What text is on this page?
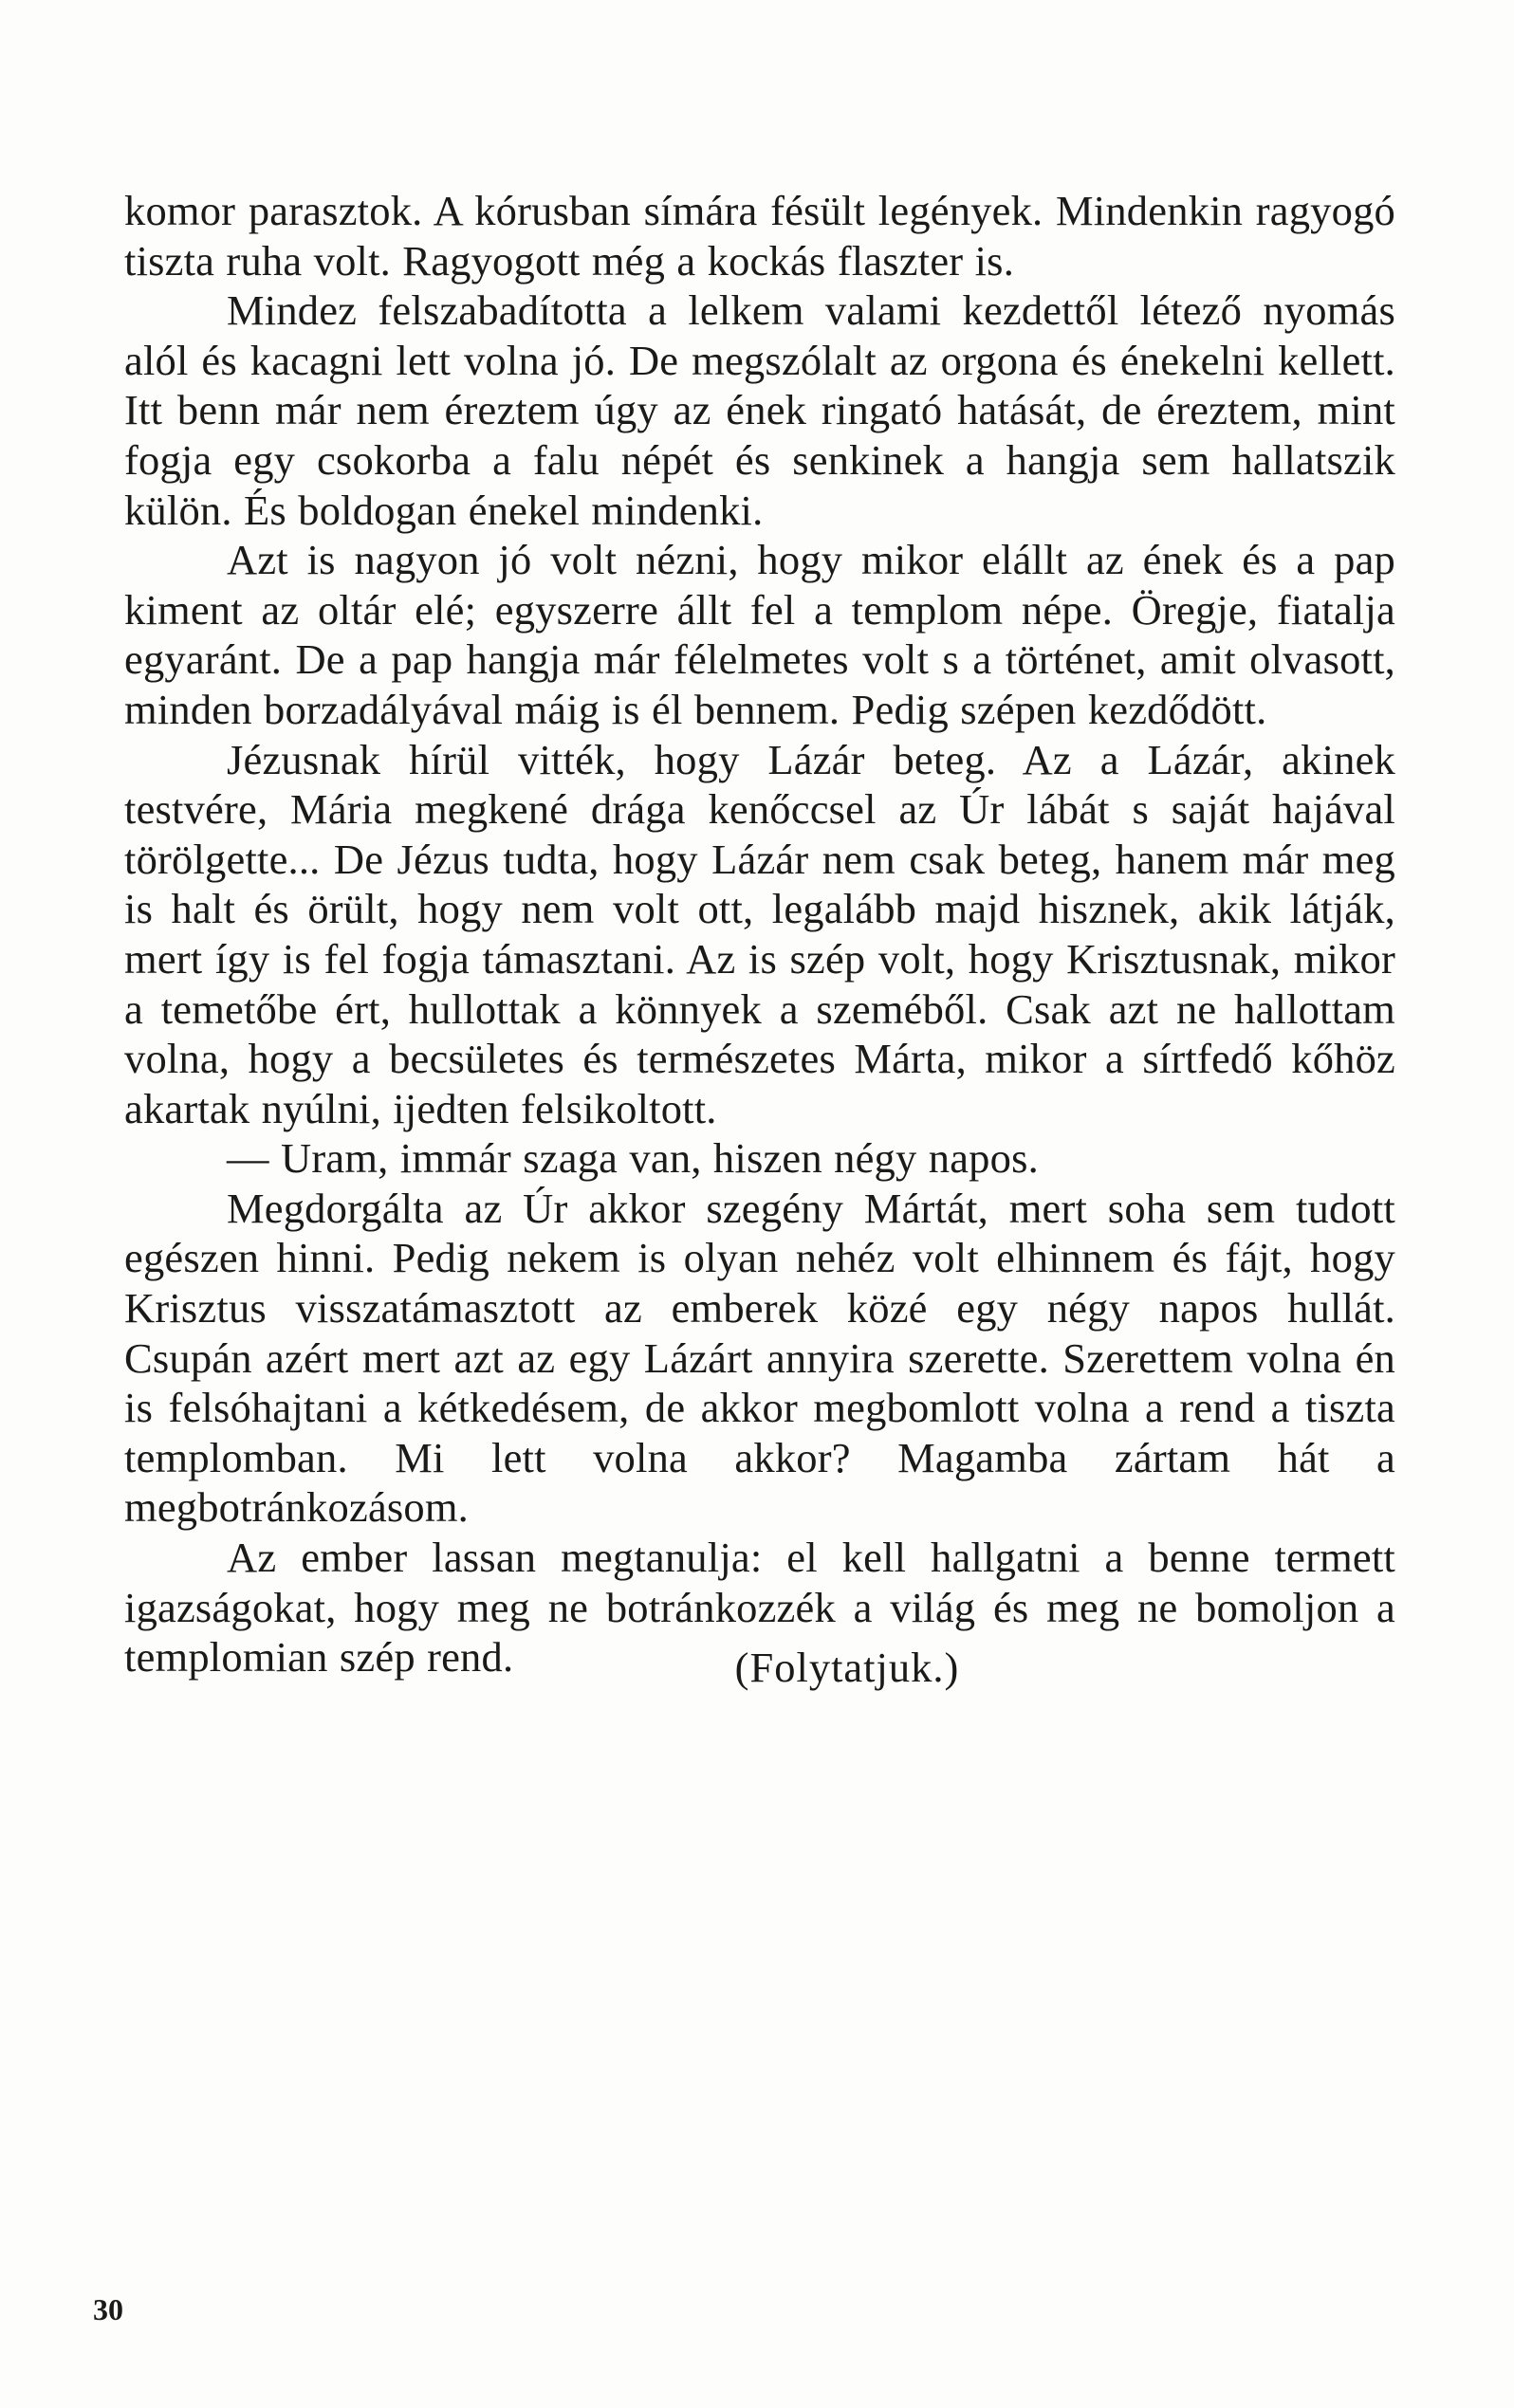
komor parasztok. A kórusban símára fésült legények. Mindenkin ragyogó tiszta ruha volt. Ragyogott még a kockás flaszter is.

Mindez felszabadította a lelkem valami kezdettől létező nyomás alól és kacagni lett volna jó. De megszólalt az orgona és énekelni kellett. Itt benn már nem éreztem úgy az ének ringató hatását, de éreztem, mint fogja egy csokorba a falu népét és senkinek a hangja sem hallatszik külön. És boldogan énekel mindenki.

Azt is nagyon jó volt nézni, hogy mikor elállt az ének és a pap kiment az oltár elé; egyszerre állt fel a templom népe. Öregje, fiatalja egyaránt. De a pap hangja már félelmetes volt s a történet, amit olvasott, minden borzadályával máig is él bennem. Pedig szépen kezdődött.

Jézusnak hírül vitték, hogy Lázár beteg. Az a Lázár, akinek testvére, Mária megkené drága kenőccsel az Úr lábát s saját hajával törölgette... De Jézus tudta, hogy Lázár nem csak beteg, hanem már meg is halt és örült, hogy nem volt ott, legalább majd hisznek, akik látják, mert így is fel fogja támasztani. Az is szép volt, hogy Krisztusnak, mikor a temetőbe ért, hullottak a könnyek a szeméből. Csak azt ne hallottam volna, hogy a becsületes és természetes Márta, mikor a sírtfedő kőhöz akartak nyúlni, ijedten felsikoltott.

— Uram, immár szaga van, hiszen négy napos.

Megdorgálta az Úr akkor szegény Mártát, mert soha sem tudott egészen hinni. Pedig nekem is olyan nehéz volt elhinnem és fájt, hogy Krisztus visszatámasztott az emberek közé egy négy napos hullát. Csupán azért mert azt az egy Lázárt annyira szerette. Szerettem volna én is felsóhajtani a kétkedésem, de akkor megbomlott volna a rend a tiszta templomban. Mi lett volna akkor? Magamba zártam hát a megbotránkozásom.

Az ember lassan megtanulja: el kell hallgatni a benne termett igazságokat, hogy meg ne botránkozzék a világ és meg ne bomoljon a templomian szép rend.	(Folytatjuk.)
30
